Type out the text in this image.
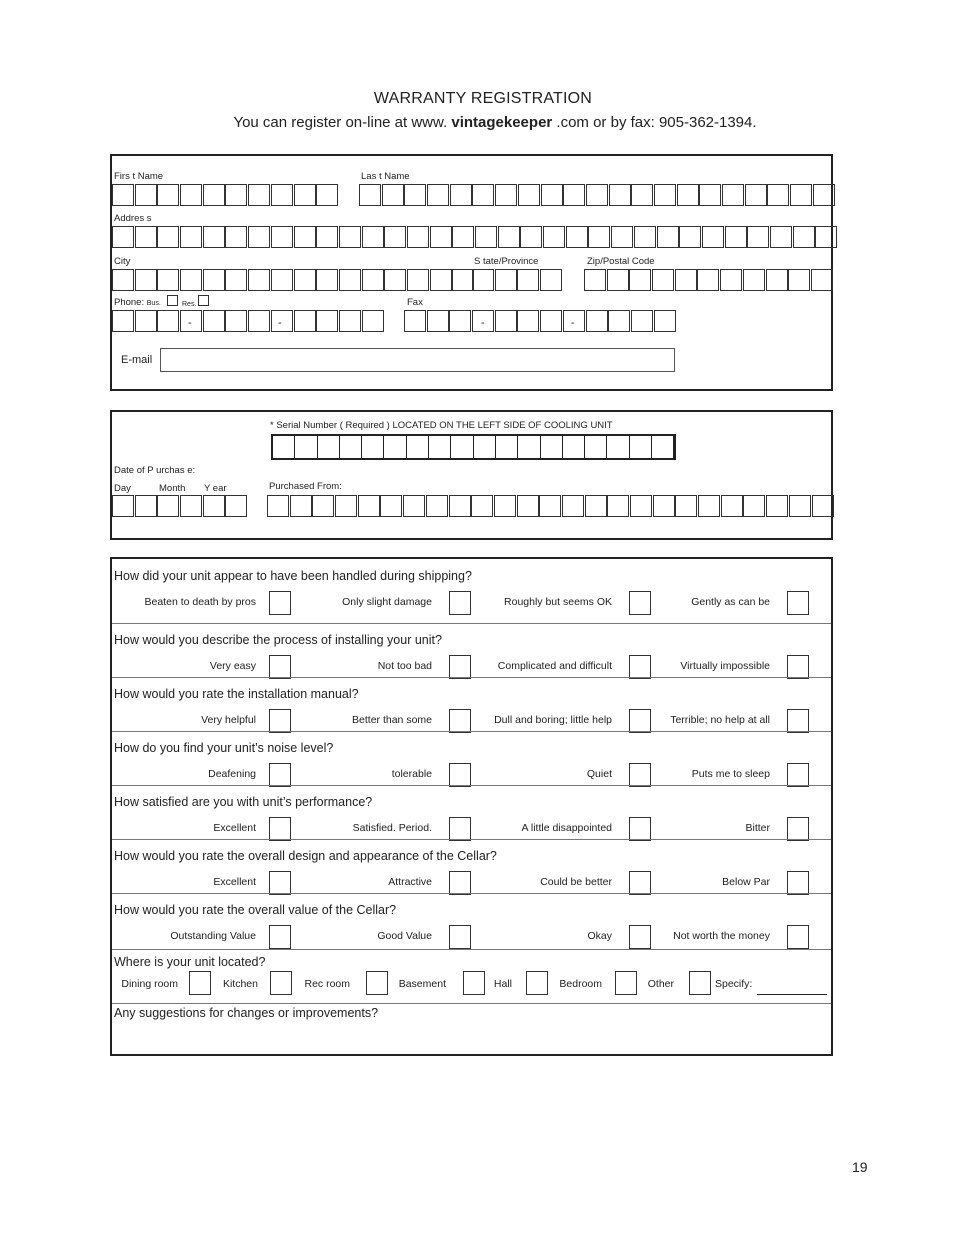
WARRANTY REGISTRATION
You can register on-line at www. vintagekeeper .com or by fax: 905-362-1394.
Firs t Name	Las t Name
Addres s
City	S tate/Province	Zip/Postal Code
Phone: Bus.	Res.	Fax
-	-	-	-
E-mail
* Serial Number ( Required ) LOCATED ON THE LEFT SIDE OF COOLING UNIT
Date of P urchas e:
Day	Month Y ear	Purchased From:
How did your unit appear to have been handled during shipping?
Beaten to death by pros	Only slight damage	Roughly but seems OK	Gently as can be
How would you describe the process of installing your unit?
Very easy	Not too bad	Complicated and difficult	Virtually impossible
How would you rate the installation manual?
Very helpful	Better than some	Dull and boring; little help	Terrible; no help at all
How do you find your unit’s noise level?
Deafening	tolerable	Quiet	Puts me to sleep
How satisfied are you with unit’s performance?
Excellent	Satisfied. Period.	A little disappointed	Bitter
How would you rate the overall design and appearance of the Cellar?
Excellent	Attractive	Could be better	Below Par
How would you rate the overall value of the Cellar?
Outstanding Value	Good Value	Okay	Not worth the money
Where is your unit located?
Dining room	Kitchen	Rec room	Basement	Hall	Bedroom	Other	Specify:
Any suggestions for changes or improvements?
19
